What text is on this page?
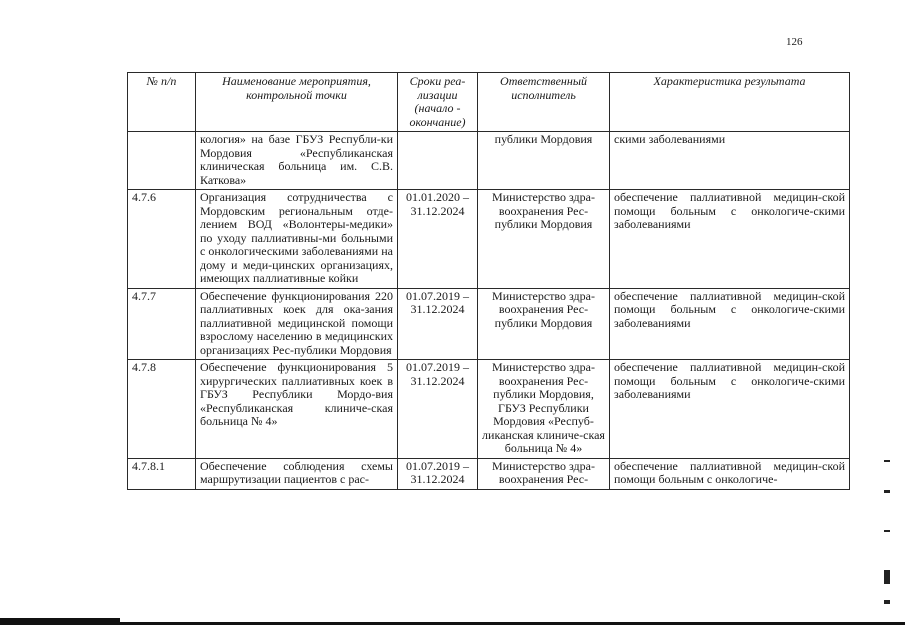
126
№ п/п	Наименование мероприятия, контрольной точки	Сроки реа-лизации (начало - окончание)	Ответственный исполнитель	Характеристика результата
	кология» на базе ГБУЗ Республи-ки Мордовия «Республиканская клиническая больница им. С.В. Каткова»		публики Мордовия	скими заболеваниями
4.7.6	Организация сотрудничества с Мордовским региональным отде-лением ВОД «Волонтеры-медики» по уходу паллиативны-ми больными с онкологическими заболеваниями на дому и меди-цинских организациях, имеющих паллиативные койки	01.01.2020 – 31.12.2024	Министерство здра-воохранения Рес-публики Мордовия	обеспечение паллиативной медицин-ской помощи больным с онкологиче-скими заболеваниями
4.7.7	Обеспечение функционирования 220 паллиативных коек для ока-зания паллиативной медицинской помощи взрослому населению в медицинских организациях Рес-публики Мордовия	01.07.2019 – 31.12.2024	Министерство здра-воохранения Рес-публики Мордовия	обеспечение паллиативной медицин-ской помощи больным с онкологиче-скими заболеваниями
4.7.8	Обеспечение функционирования 5 хирургических паллиативных коек в ГБУЗ Республики Мордо-вия «Республиканская клиниче-ская больница № 4»	01.07.2019 – 31.12.2024	Министерство здра-воохранения Рес-публики Мордовия, ГБУЗ Республики Мордовия «Респуб-ликанская клиниче-ская больница № 4»	обеспечение паллиативной медицин-ской помощи больным с онкологиче-скими заболеваниями
4.7.8.1	Обеспечение соблюдения схемы маршрутизации пациентов с рас-	01.07.2019 – 31.12.2024	Министерство здра-воохранения Рес-	обеспечение паллиативной медицин-ской помощи больным с онкологиче-
